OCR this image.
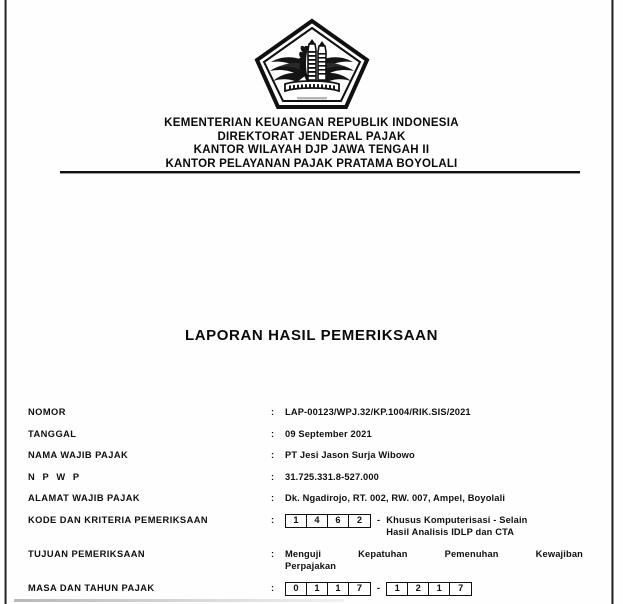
KEMENTERIAN KEUANGAN REPUBLIK INDONESIA
DIREKTORAT JENDERAL PAJAK
KANTOR WILAYAH DJP JAWA TENGAH II
KANTOR PELAYANAN PAJAK PRATAMA BOYOLALI
LAPORAN HASIL PEMERIKSAAN
NOMOR	:	LAP-00123/WPJ.32/KP.1004/RIK.SIS/2021
TANGGAL	:	09 September 2021
NAMA WAJIB PAJAK	:	PT Jesi Jason Surja Wibowo
N P W P	:	31.725.331.8-527.000
ALAMAT WAJIB PAJAK	:	Dk. Ngadirojo, RT. 002, RW. 007, Ampel, Boyolali
KODE DAN KRITERIA PEMERIKSAAN	:	1	4	6	2	- Khusus Komputerisasi - Selain
Hasil Analisis IDLP dan CTA
TUJUAN PEMERIKSAAN	:	Menguji Kepatuhan Pemenuhan Kewajiban
Perpajakan
MASA DAN TAHUN PAJAK	:	0	1	1	7	-	1	2	1	7
